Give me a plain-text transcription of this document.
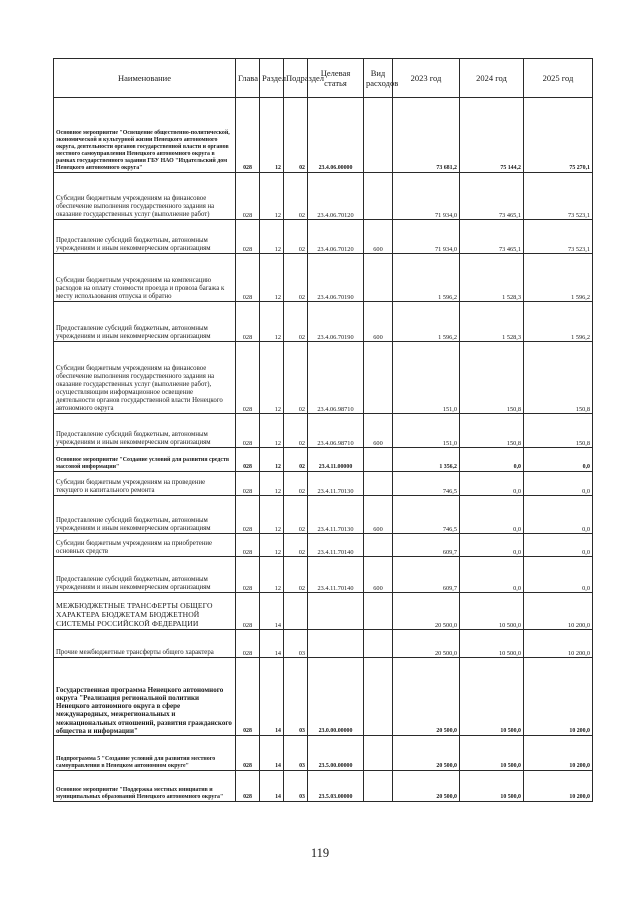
Наименование	Глава	Раздел	Подраздел	Целевая статья	Вид расходов	2023 год	2024 год	2025 год
Основное мероприятие "Освещение общественно-политической, экономической и культурной жизни Ненецкого автономного округа, деятельности органов государственной власти и органов местного самоуправления Ненецкого автономного округа в рамках государственного задания ГБУ НАО "Издательский дом Ненецкого автономного округа"	028	12	02	23.4.06.00000		73 681,2	75 144,2	75 270,1
Субсидии бюджетным учреждениям на финансовое обеспечение выполнения государственного задания на оказание государственных услуг (выполнение работ)	028	12	02	23.4.06.70120		71 934,0	73 465,1	73 523,1
Предоставление субсидий бюджетным, автономным учреждениям и иным некоммерческим организациям	028	12	02	23.4.06.70120	600	71 934,0	73 465,1	73 523,1
Субсидии бюджетным учреждениям на компенсацию расходов на оплату стоимости проезда и провоза багажа к месту использования отпуска и обратно	028	12	02	23.4.06.70190		1 596,2	1 528,3	1 596,2
Предоставление субсидий бюджетным, автономным учреждениям и иным некоммерческим организациям	028	12	02	23.4.06.70190	600	1 596,2	1 528,3	1 596,2
Субсидии бюджетным учреждениям на финансовое обеспечение выполнения государственного задания на оказание государственных услуг (выполнение работ), осуществляющим информационное освещение деятельности органов государственной власти Ненецкого автономного округа	028	12	02	23.4.06.98710		151,0	150,8	150,8
Предоставление субсидий бюджетным, автономным учреждениям и иным некоммерческим организациям	028	12	02	23.4.06.98710	600	151,0	150,8	150,8
Основное мероприятие "Создание условий для развития средств массовой информации"	028	12	02	23.4.11.00000		1 356,2	0,0	0,0
Субсидии бюджетным учреждениям на проведение текущего и капитального ремонта	028	12	02	23.4.11.70130		746,5	0,0	0,0
Предоставление субсидий бюджетным, автономным учреждениям и иным некоммерческим организациям	028	12	02	23.4.11.70130	600	746,5	0,0	0,0
Субсидии бюджетным учреждениям на приобретение основных средств	028	12	02	23.4.11.70140		609,7	0,0	0,0
Предоставление субсидий бюджетным, автономным учреждениям и иным некоммерческим организациям	028	12	02	23.4.11.70140	600	609,7	0,0	0,0
МЕЖБЮДЖЕТНЫЕ ТРАНСФЕРТЫ ОБЩЕГО ХАРАКТЕРА БЮДЖЕТАМ БЮДЖЕТНОЙ СИСТЕМЫ РОССИЙСКОЙ ФЕДЕРАЦИИ	028	14				20 500,0	10 500,0	10 200,0
Прочие межбюджетные трансферты общего характера	028	14	03			20 500,0	10 500,0	10 200,0
Государственная программа Ненецкого автономного округа "Реализация региональной политики Ненецкого автономного округа в сфере международных, межрегиональных и межнациональных отношений, развития гражданского общества и информации"	028	14	03	23.0.00.00000		20 500,0	10 500,0	10 200,0
Подпрограмма 5 "Создание условий для развития местного самоуправления в Ненецком автономном округе"	028	14	03	23.5.00.00000		20 500,0	10 500,0	10 200,0
Основное мероприятие "Поддержка местных инициатив и муниципальных образований Ненецкого автономного округа"	028	14	03	23.5.03.00000		20 500,0	10 500,0	10 200,0
119
